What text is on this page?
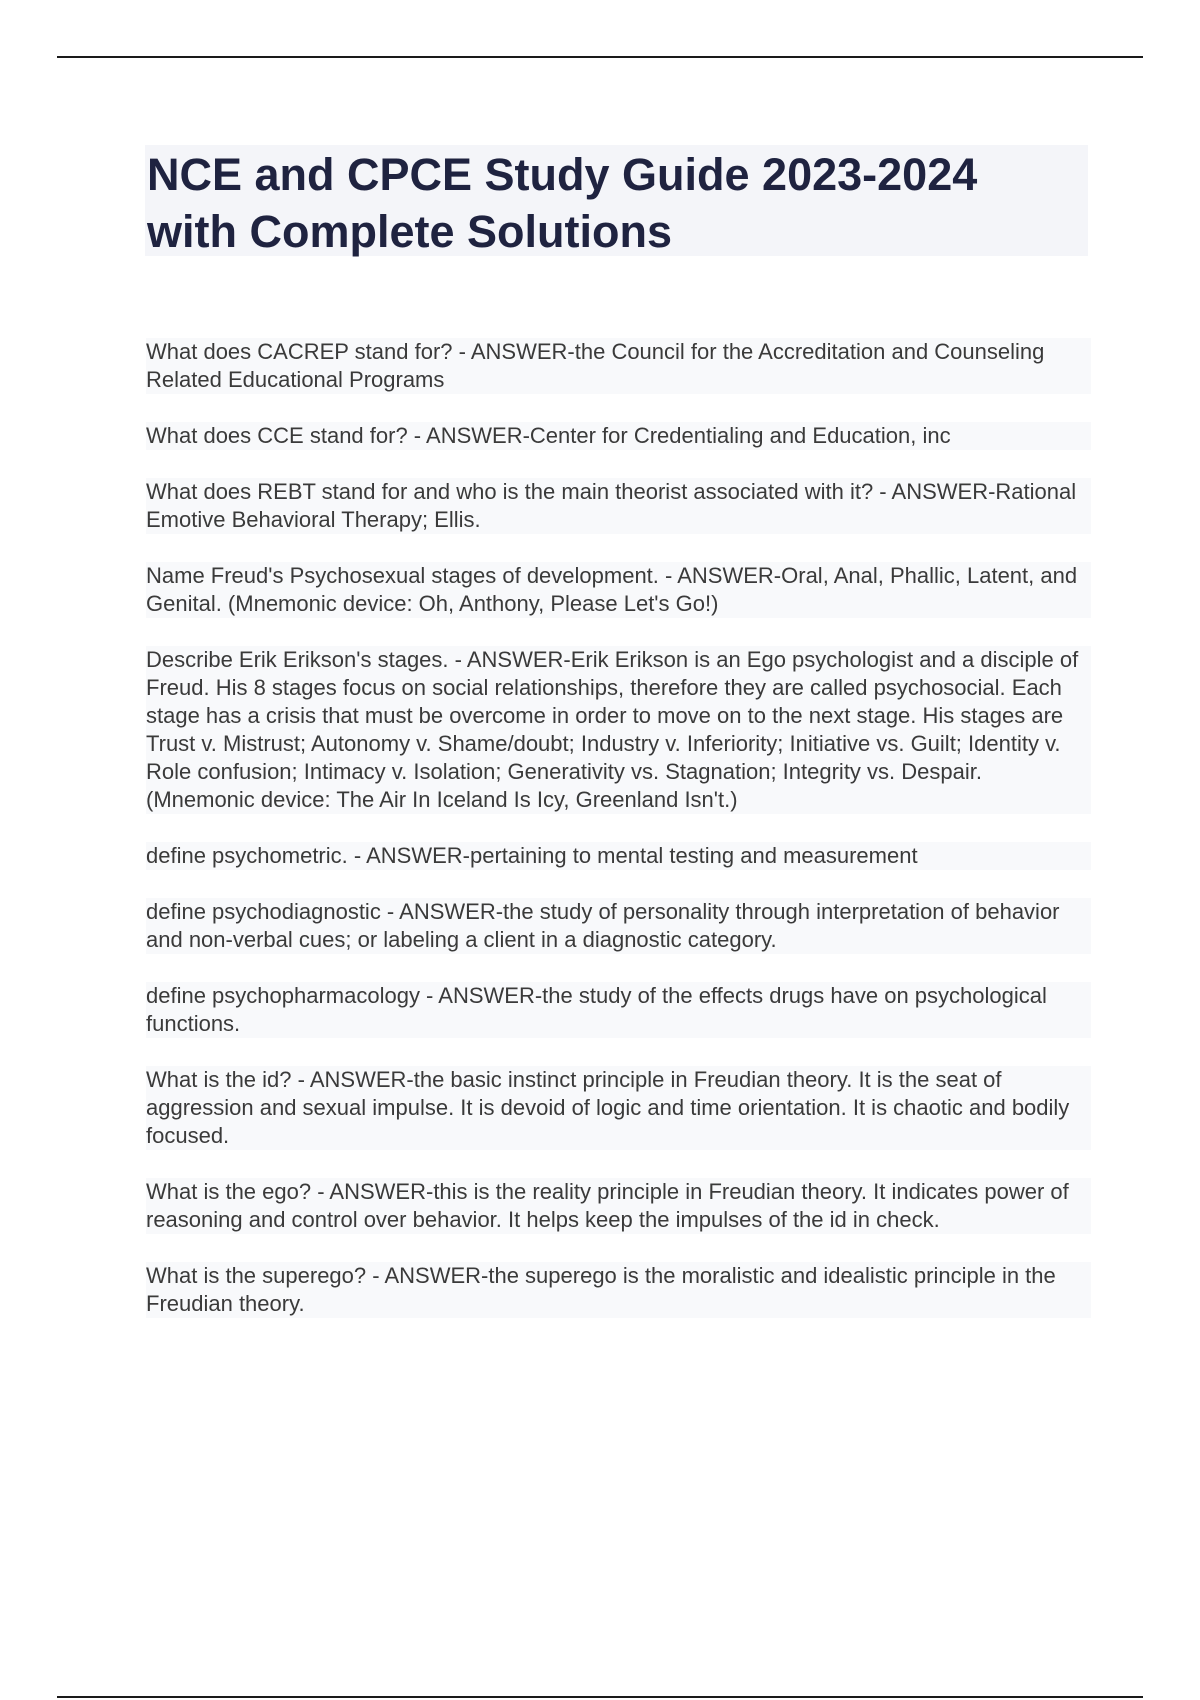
NCE and CPCE Study Guide 2023-2024
with Complete Solutions

What does CACREP stand for? - ANSWER-the Council for the Accreditation and Counseling Related Educational Programs

What does CCE stand for? - ANSWER-Center for Credentialing and Education, inc

What does REBT stand for and who is the main theorist associated with it? - ANSWER-Rational Emotive Behavioral Therapy; Ellis.

Name Freud's Psychosexual stages of development. - ANSWER-Oral, Anal, Phallic, Latent, and Genital. (Mnemonic device: Oh, Anthony, Please Let's Go!)

Describe Erik Erikson's stages. - ANSWER-Erik Erikson is an Ego psychologist and a disciple of Freud. His 8 stages focus on social relationships, therefore they are called psychosocial. Each stage has a crisis that must be overcome in order to move on to the next stage. His stages are Trust v. Mistrust; Autonomy v. Shame/doubt; Industry v. Inferiority; Initiative vs. Guilt; Identity v. Role confusion; Intimacy v. Isolation; Generativity vs. Stagnation; Integrity vs. Despair. (Mnemonic device: The Air In Iceland Is Icy, Greenland Isn't.)

define psychometric. - ANSWER-pertaining to mental testing and measurement

define psychodiagnostic - ANSWER-the study of personality through interpretation of behavior and non-verbal cues; or labeling a client in a diagnostic category.

define psychopharmacology - ANSWER-the study of the effects drugs have on psychological functions.

What is the id? - ANSWER-the basic instinct principle in Freudian theory. It is the seat of aggression and sexual impulse. It is devoid of logic and time orientation. It is chaotic and bodily focused.

What is the ego? - ANSWER-this is the reality principle in Freudian theory. It indicates power of reasoning and control over behavior. It helps keep the impulses of the id in check.

What is the superego? - ANSWER-the superego is the moralistic and idealistic principle in the Freudian theory.
